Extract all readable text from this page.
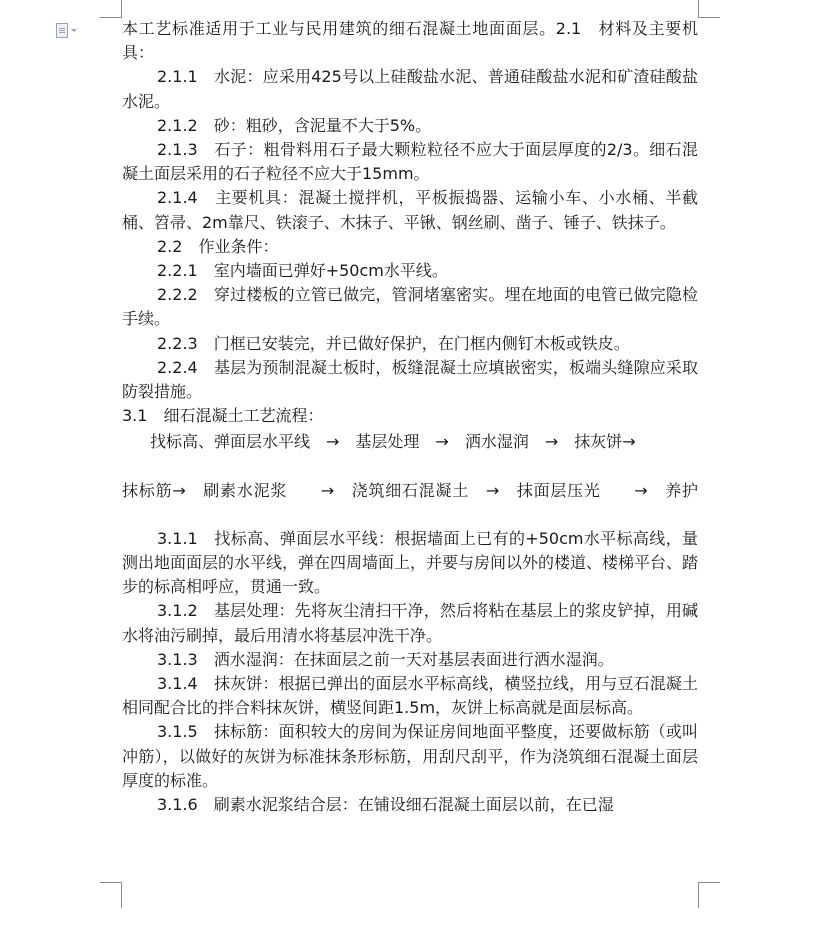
本工艺标准适用于工业与民用建筑的细石混凝土地面面层。2.1　材料及主要机具：

2.1.1　水泥：应采用425号以上硅酸盐水泥、普通硅酸盐水泥和矿渣硅酸盐水泥。

2.1.2　砂：粗砂，含泥量不大于5%。

2.1.3　石子：粗骨料用石子最大颗粒粒径不应大于面层厚度的2/3。细石混凝土面层采用的石子粒径不应大于15mm。

2.1.4　主要机具：混凝土搅拌机，平板振捣器、运输小车、小水桶、半截桶、笤帚、2m靠尺、铁滚子、木抹子、平锹、钢丝刷、凿子、锤子、铁抹子。

2.2　作业条件：

2.2.1　室内墙面已弹好+50cm水平线。

2.2.2　穿过楼板的立管已做完，管洞堵塞密实。埋在地面的电管已做完隐检手续。

2.2.3　门框已安装完，并已做好保护，在门框内侧钉木板或铁皮。

2.2.4　基层为预制混凝土板时，板缝混凝土应填嵌密实，板端头缝隙应采取防裂措施。

3.1　细石混凝土工艺流程：

找标高、弹面层水平线　→　基层处理　→　洒水湿润　→　抹灰饼→

抹标筋→　刷素水泥浆　　→　浇筑细石混凝土　→　抹面层压光　　→　养护

3.1.1　找标高、弹面层水平线：根据墙面上已有的+50cm水平标高线，量测出地面面层的水平线，弹在四周墙面上，并要与房间以外的楼道、楼梯平台、踏步的标高相呼应，贯通一致。

3.1.2　基层处理：先将灰尘清扫干净，然后将粘在基层上的浆皮铲掉，用碱水将油污刷掉，最后用清水将基层冲洗干净。

3.1.3　洒水湿润：在抹面层之前一天对基层表面进行洒水湿润。

3.1.4　抹灰饼：根据已弹出的面层水平标高线，横竖拉线，用与豆石混凝土相同配合比的拌合料抹灰饼，横竖间距1.5m，灰饼上标高就是面层标高。

3.1.5　抹标筋：面积较大的房间为保证房间地面平整度，还要做标筋（或叫冲筋），以做好的灰饼为标准抹条形标筋，用刮尺刮平，作为浇筑细石混凝土面层厚度的标准。

3.1.6　刷素水泥浆结合层：在铺设细石混凝土面层以前，在已湿
